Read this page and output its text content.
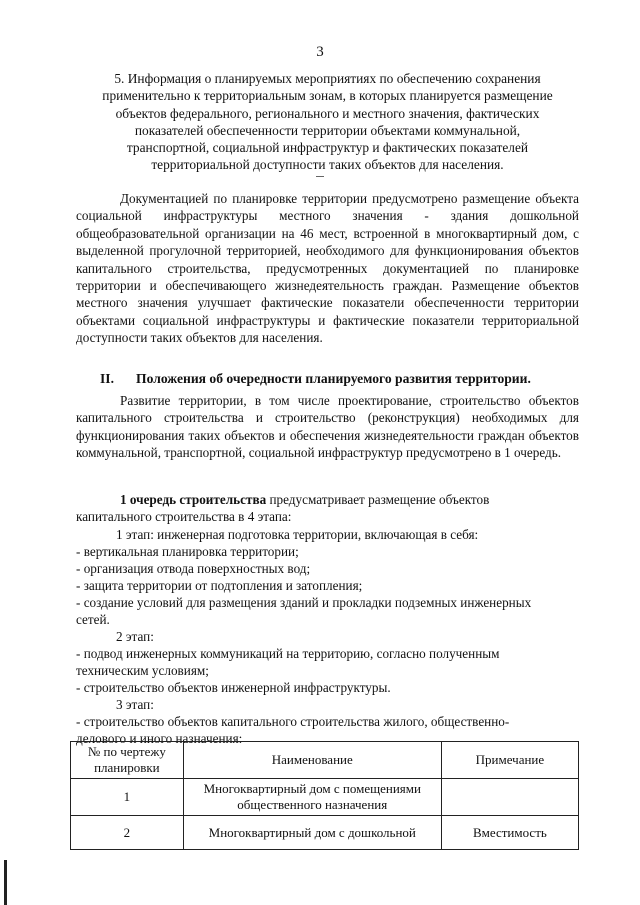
3
5. Информация о планируемых мероприятиях по обеспечению сохранения
применительно к территориальным зонам, в которых планируется размещение
объектов федерального, регионального и местного значения, фактических
показателей обеспеченности территории объектами коммунальной,
транспортной, социальной инфраструктур и фактических показателей
территориальной доступности таких объектов для населения.
Документацией по планировке территории предусмотрено размещение объекта социальной инфраструктуры местного значения - здания дошкольной общеобразовательной организации на 46 мест, встроенной в многоквартирный дом, с выделенной прогулочной территорией, необходимого для функционирования объектов капитального строительства, предусмотренных документацией по планировке территории и обеспечивающего жизнедеятельность граждан. Размещение объектов местного значения улучшает фактические показатели обеспеченности территории объектами социальной инфраструктуры и фактические показатели территориальной доступности таких объектов для населения.
II. Положения об очередности планируемого развития территории.
Развитие территории, в том числе проектирование, строительство объектов капитального строительства и строительство (реконструкция) необходимых для функционирования таких объектов и обеспечения жизнедеятельности граждан объектов коммунальной, транспортной, социальной инфраструктур предусмотрено в 1 очередь.
1 очередь строительства предусматривает размещение объектов
капитального строительства в 4 этапа:
1 этап: инженерная подготовка территории, включающая в себя:
- вертикальная планировка территории;
- организация отвода поверхностных вод;
- защита территории от подтопления и затопления;
- создание условий для размещения зданий и прокладки подземных инженерных
сетей.
2 этап:
- подвод инженерных коммуникаций на территорию, согласно полученным
техническим условиям;
- строительство объектов инженерной инфраструктуры.
3 этап:
- строительство объектов капитального строительства жилого, общественно-
делового и иного назначения:
№ по чертежу планировки	Наименование	Примечание
1	Многоквартирный дом с помещениями общественного назначения	
2	Многоквартирный дом с дошкольной	Вместимость
